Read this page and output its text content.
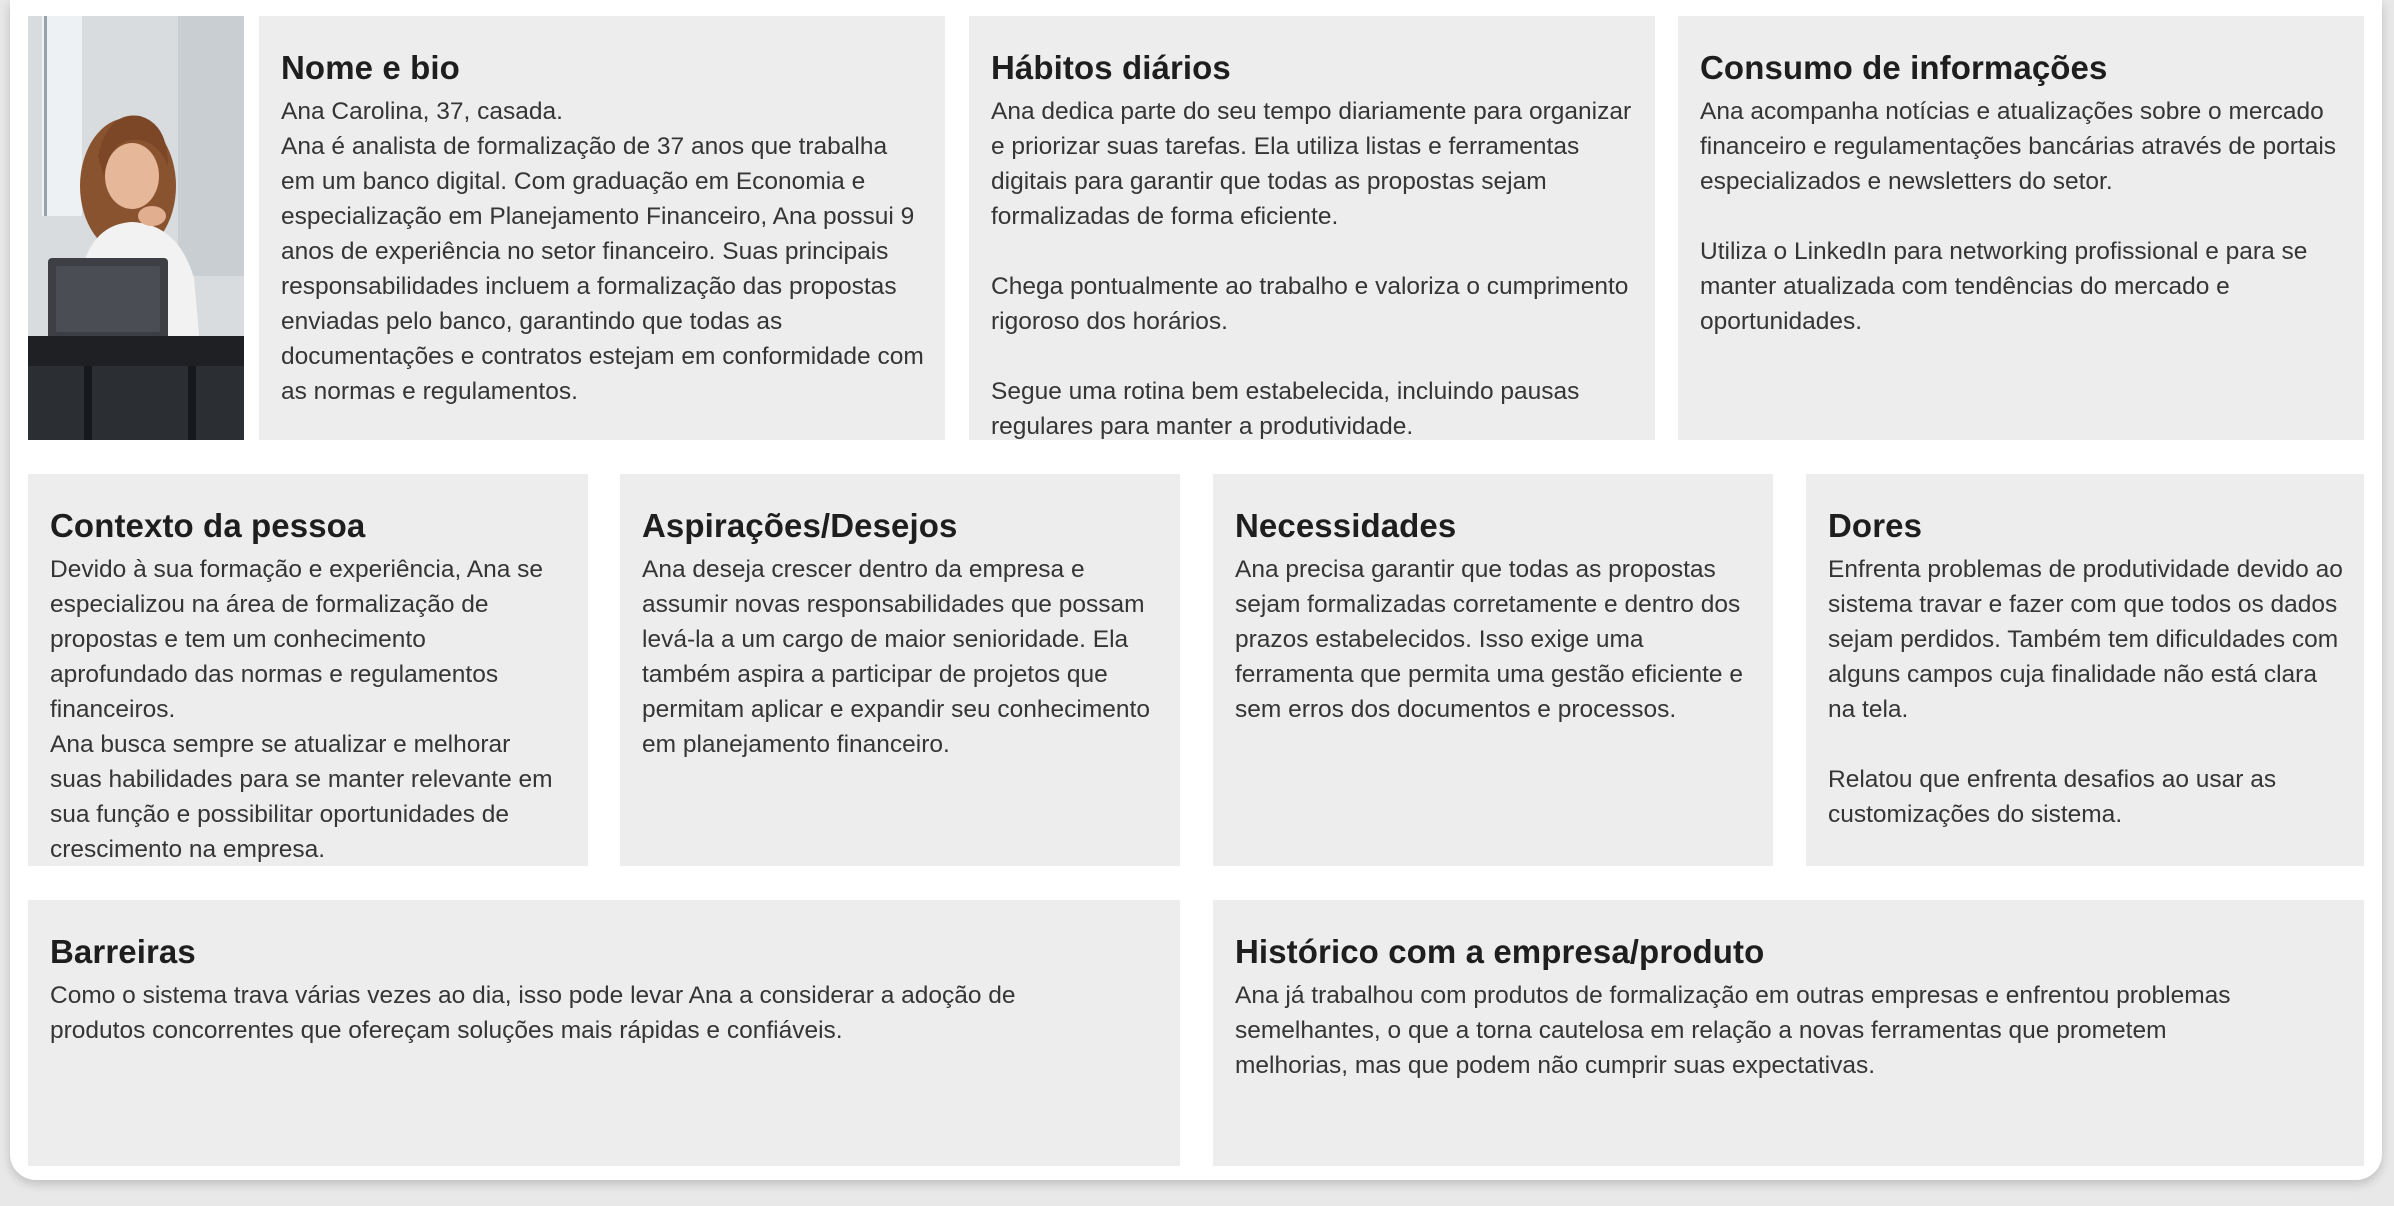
Nome e bio

Ana Carolina, 37, casada.

Ana é analista de formalização de 37 anos que trabalha em um banco digital. Com graduação em Economia e especialização em Planejamento Financeiro, Ana possui 9 anos de experiência no setor financeiro. Suas principais responsabilidades incluem a formalização das propostas enviadas pelo banco, garantindo que todas as documentações e contratos estejam em conformidade com as normas e regulamentos.

Hábitos diários

Ana dedica parte do seu tempo diariamente para organizar e priorizar suas tarefas. Ela utiliza listas e ferramentas digitais para garantir que todas as propostas sejam formalizadas de forma eficiente.

Chega pontualmente ao trabalho e valoriza o cumprimento rigoroso dos horários.

Segue uma rotina bem estabelecida, incluindo pausas regulares para manter a produtividade.

Consumo de informações

Ana acompanha notícias e atualizações sobre o mercado financeiro e regulamentações bancárias através de portais especializados e newsletters do setor.

Utiliza o LinkedIn para networking profissional e para se manter atualizada com tendências do mercado e oportunidades.

Contexto da pessoa

Devido à sua formação e experiência, Ana se especializou na área de formalização de propostas e tem um conhecimento aprofundado das normas e regulamentos financeiros.

Ana busca sempre se atualizar e melhorar suas habilidades para se manter relevante em sua função e possibilitar oportunidades de crescimento na empresa.

Aspirações/Desejos

Ana deseja crescer dentro da empresa e assumir novas responsabilidades que possam levá-la a um cargo de maior senioridade. Ela também aspira a participar de projetos que permitam aplicar e expandir seu conhecimento em planejamento financeiro.

Necessidades

Ana precisa garantir que todas as propostas sejam formalizadas corretamente e dentro dos prazos estabelecidos. Isso exige uma ferramenta que permita uma gestão eficiente e sem erros dos documentos e processos.

Dores

Enfrenta problemas de produtividade devido ao sistema travar e fazer com que todos os dados sejam perdidos. Também tem dificuldades com alguns campos cuja finalidade não está clara na tela.

Relatou que enfrenta desafios ao usar as customizações do sistema.

Barreiras

Como o sistema trava várias vezes ao dia, isso pode levar Ana a considerar a adoção de produtos concorrentes que ofereçam soluções mais rápidas e confiáveis.

Histórico com a empresa/produto

Ana já trabalhou com produtos de formalização em outras empresas e enfrentou problemas semelhantes, o que a torna cautelosa em relação a novas ferramentas que prometem melhorias, mas que podem não cumprir suas expectativas.
